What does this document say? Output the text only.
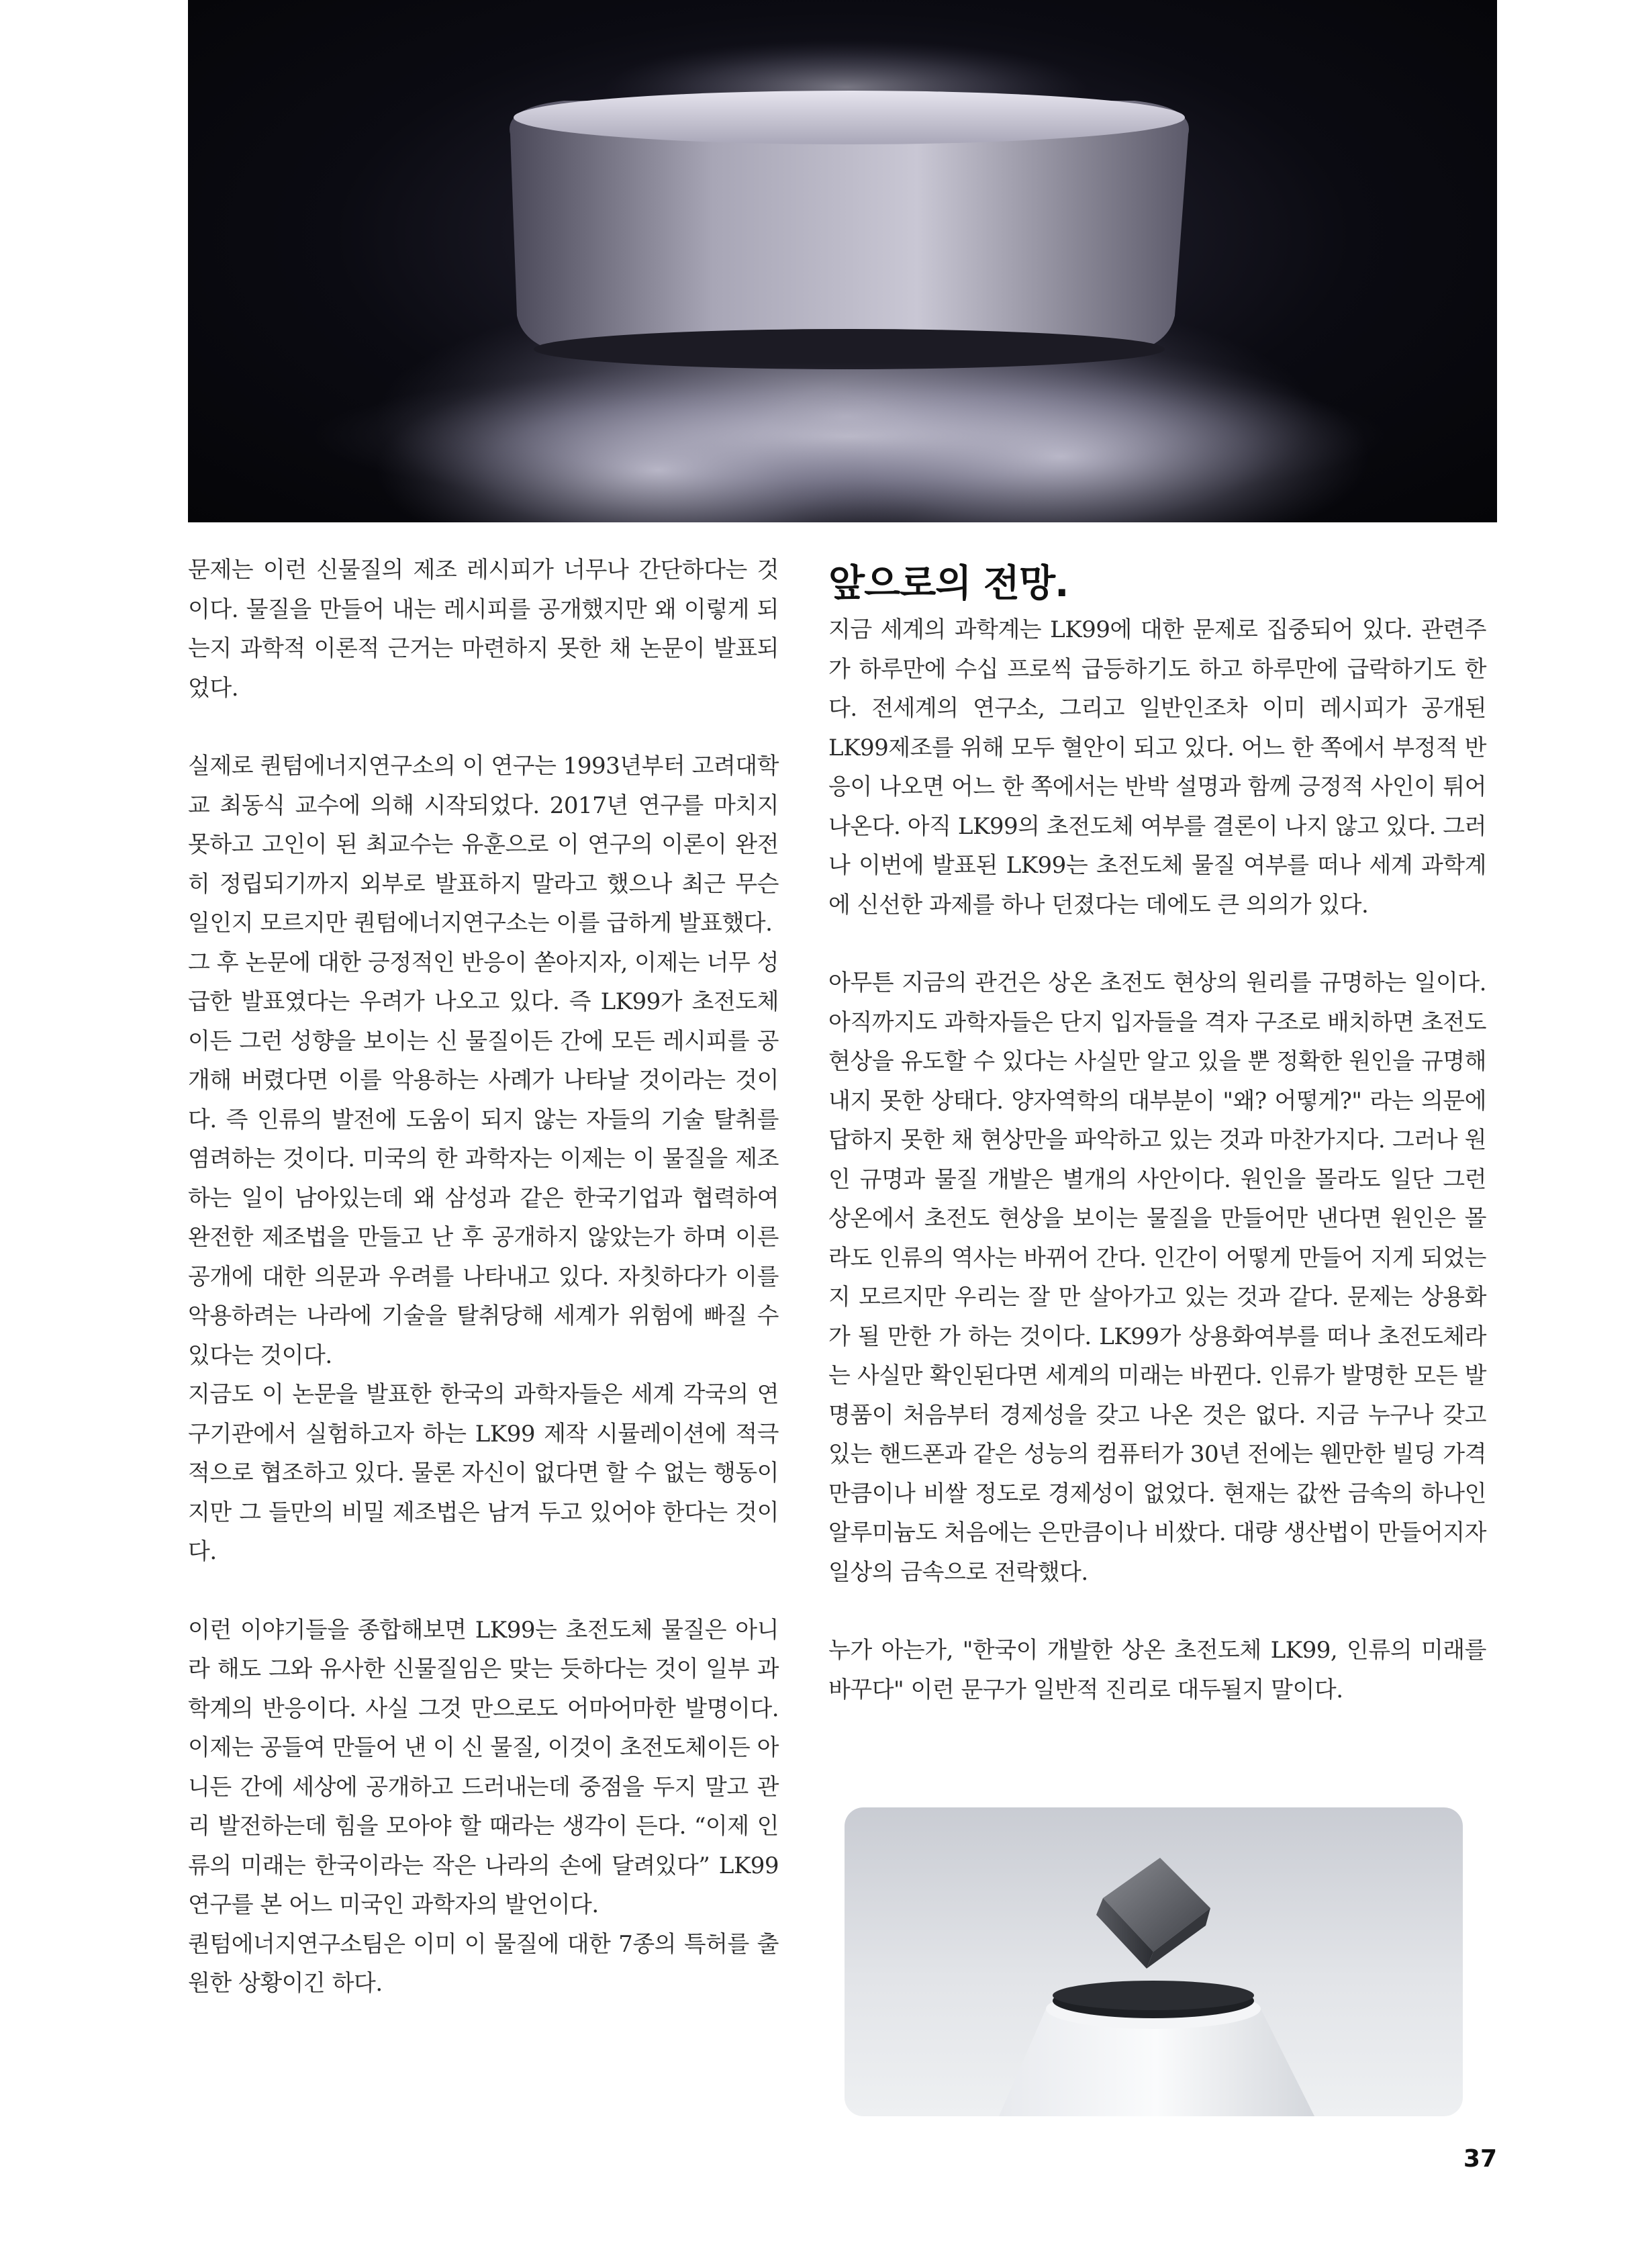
문제는 이런 신물질의 제조 레시피가 너무나 간단하다는 것이다. 물질을 만들어 내는 레시피를 공개했지만 왜 이렇게 되는지 과학적 이론적 근거는 마련하지 못한 채 논문이 발표되었다.

실제로 퀀텀에너지연구소의 이 연구는 1993년부터 고려대학교 최동식 교수에 의해 시작되었다. 2017년 연구를 마치지 못하고 고인이 된 최교수는 유훈으로 이 연구의 이론이 완전히 정립되기까지 외부로 발표하지 말라고 했으나 최근 무슨 일인지 모르지만 퀀텀에너지연구소는 이를 급하게 발표했다.

그 후 논문에 대한 긍정적인 반응이 쏟아지자, 이제는 너무 성급한 발표였다는 우려가 나오고 있다. 즉 LK99가 초전도체이든 그런 성향을 보이는 신 물질이든 간에 모든 레시피를 공개해 버렸다면 이를 악용하는 사례가 나타날 것이라는 것이다. 즉 인류의 발전에 도움이 되지 않는 자들의 기술 탈취를 염려하는 것이다. 미국의 한 과학자는 이제는 이 물질을 제조하는 일이 남아있는데 왜 삼성과 같은 한국기업과 협력하여 완전한 제조법을 만들고 난 후 공개하지 않았는가 하며 이른 공개에 대한 의문과 우려를 나타내고 있다. 자칫하다가 이를 악용하려는 나라에 기술을 탈취당해 세계가 위험에 빠질 수 있다는 것이다.

지금도 이 논문을 발표한 한국의 과학자들은 세계 각국의 연구기관에서 실험하고자 하는 LK99 제작 시뮬레이션에 적극적으로 협조하고 있다. 물론 자신이 없다면 할 수 없는 행동이지만 그 들만의 비밀 제조법은 남겨 두고 있어야 한다는 것이다.

이런 이야기들을 종합해보면 LK99는 초전도체 물질은 아니라 해도 그와 유사한 신물질임은 맞는 듯하다는 것이 일부 과학계의 반응이다. 사실 그것 만으로도 어마어마한 발명이다. 이제는 공들여 만들어 낸 이 신 물질, 이것이 초전도체이든 아니든 간에 세상에 공개하고 드러내는데 중점을 두지 말고 관리 발전하는데 힘을 모아야 할 때라는 생각이 든다. “이제 인류의 미래는 한국이라는 작은 나라의 손에 달려있다” LK99 연구를 본 어느 미국인 과학자의 발언이다.

퀀텀에너지연구소팀은 이미 이 물질에 대한 7종의 특허를 출원한 상황이긴 하다.

앞으로의 전망.

지금 세계의 과학계는 LK99에 대한 문제로 집중되어 있다. 관련주가 하루만에 수십 프로씩 급등하기도 하고 하루만에 급락하기도 한다. 전세계의 연구소, 그리고 일반인조차 이미 레시피가 공개된 LK99제조를 위해 모두 혈안이 되고 있다. 어느 한 쪽에서 부정적 반응이 나오면 어느 한 쪽에서는 반박 설명과 함께 긍정적 사인이 튀어나온다. 아직 LK99의 초전도체 여부를 결론이 나지 않고 있다. 그러나 이번에 발표된 LK99는 초전도체 물질 여부를 떠나 세계 과학계에 신선한 과제를 하나 던졌다는 데에도 큰 의의가 있다.

아무튼 지금의 관건은 상온 초전도 현상의 원리를 규명하는 일이다. 아직까지도 과학자들은 단지 입자들을 격자 구조로 배치하면 초전도 현상을 유도할 수 있다는 사실만 알고 있을 뿐 정확한 원인을 규명해내지 못한 상태다. 양자역학의 대부분이 "왜? 어떻게?" 라는 의문에 답하지 못한 채 현상만을 파악하고 있는 것과 마찬가지다. 그러나 원인 규명과 물질 개발은 별개의 사안이다. 원인을 몰라도 일단 그런 상온에서 초전도 현상을 보이는 물질을 만들어만 낸다면 원인은 몰라도 인류의 역사는 바뀌어 간다. 인간이 어떻게 만들어 지게 되었는지 모르지만 우리는 잘 만 살아가고 있는 것과 같다. 문제는 상용화가 될 만한 가 하는 것이다. LK99가 상용화여부를 떠나 초전도체라는 사실만 확인된다면 세계의 미래는 바뀐다. 인류가 발명한 모든 발명품이 처음부터 경제성을 갖고 나온 것은 없다. 지금 누구나 갖고 있는 핸드폰과 같은 성능의 컴퓨터가 30년 전에는 웬만한 빌딩 가격만큼이나 비쌀 정도로 경제성이 없었다. 현재는 값싼 금속의 하나인 알루미늄도 처음에는 은만큼이나 비쌌다. 대량 생산법이 만들어지자 일상의 금속으로 전락했다.

누가 아는가, "한국이 개발한 상온 초전도체 LK99, 인류의 미래를 바꾸다" 이런 문구가 일반적 진리로 대두될지 말이다.

37
